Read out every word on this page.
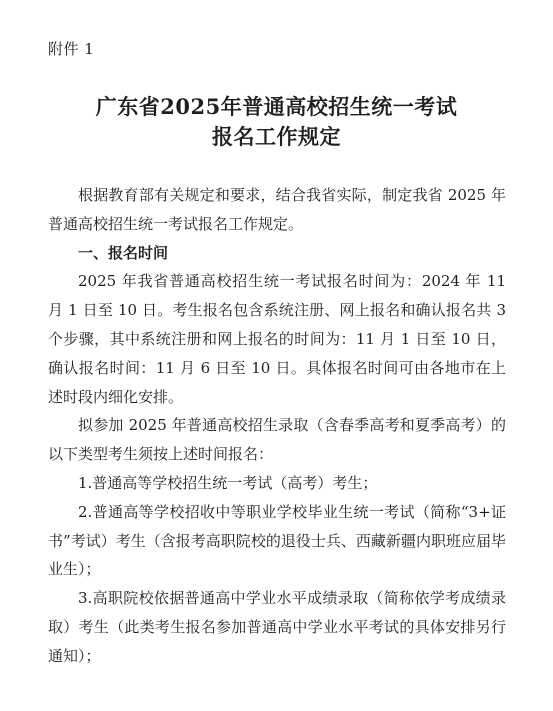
附件 1
广东省2025年普通高校招生统一考试
报名工作规定

根据教育部有关规定和要求，结合我省实际，制定我省 2025 年普通高校招生统一考试报名工作规定。

一、报名时间

2025 年我省普通高校招生统一考试报名时间为：2024 年 11 月 1 日至 10 日。考生报名包含系统注册、网上报名和确认报名共 3 个步骤，其中系统注册和网上报名的时间为：11 月 1 日至 10 日，确认报名时间：11 月 6 日至 10 日。具体报名时间可由各地市在上述时段内细化安排。

拟参加 2025 年普通高校招生录取（含春季高考和夏季高考）的以下类型考生须按上述时间报名：

1.普通高等学校招生统一考试（高考）考生；

2.普通高等学校招收中等职业学校毕业生统一考试（简称“3+证书”考试）考生（含报考高职院校的退役士兵、西藏新疆内职班应届毕业生）；

3.高职院校依据普通高中学业水平成绩录取（简称依学考成绩录取）考生（此类考生报名参加普通高中学业水平考试的具体安排另行通知）；
